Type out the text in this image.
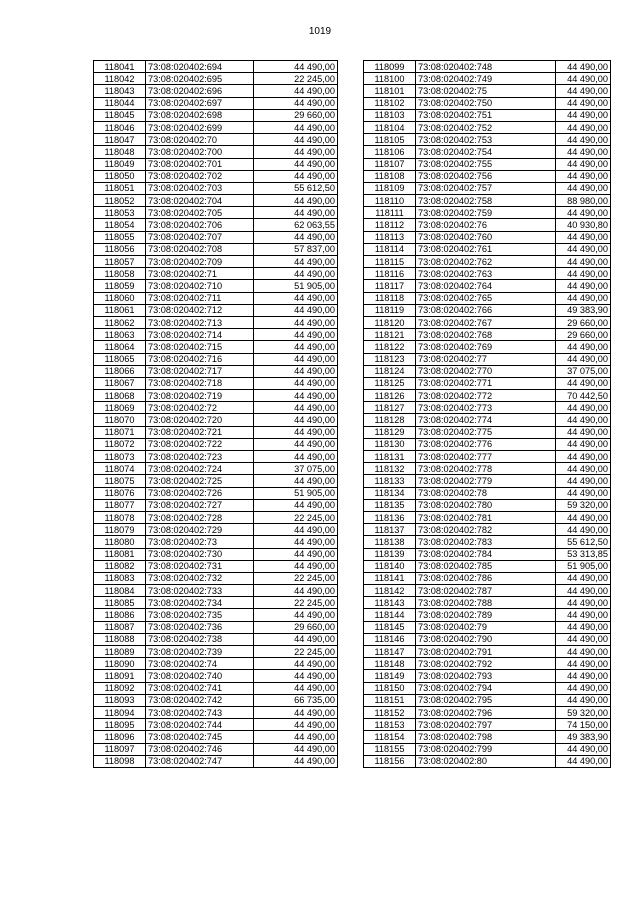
1019
118041	73:08:020402:694	44 490,00
118042	73:08:020402:695	22 245,00
118043	73:08:020402:696	44 490,00
118044	73:08:020402:697	44 490,00
118045	73:08:020402:698	29 660,00
118046	73:08:020402:699	44 490,00
118047	73:08:020402:70	44 490,00
118048	73:08:020402:700	44 490,00
118049	73:08:020402:701	44 490,00
118050	73:08:020402:702	44 490,00
118051	73:08:020402:703	55 612,50
118052	73:08:020402:704	44 490,00
118053	73:08:020402:705	44 490,00
118054	73:08:020402:706	62 063,55
118055	73:08:020402:707	44 490,00
118056	73:08:020402:708	57 837,00
118057	73:08:020402:709	44 490,00
118058	73:08:020402:71	44 490,00
118059	73:08:020402:710	51 905,00
118060	73:08:020402:711	44 490,00
118061	73:08:020402:712	44 490,00
118062	73:08:020402:713	44 490,00
118063	73:08:020402:714	44 490,00
118064	73:08:020402:715	44 490,00
118065	73:08:020402:716	44 490,00
118066	73:08:020402:717	44 490,00
118067	73:08:020402:718	44 490,00
118068	73:08:020402:719	44 490,00
118069	73:08:020402:72	44 490,00
118070	73:08:020402:720	44 490,00
118071	73:08:020402:721	44 490,00
118072	73:08:020402:722	44 490,00
118073	73:08:020402:723	44 490,00
118074	73:08:020402:724	37 075,00
118075	73:08:020402:725	44 490,00
118076	73:08:020402:726	51 905,00
118077	73:08:020402:727	44 490,00
118078	73:08:020402:728	22 245,00
118079	73:08:020402:729	44 490,00
118080	73:08:020402:73	44 490,00
118081	73:08:020402:730	44 490,00
118082	73:08:020402:731	44 490,00
118083	73:08:020402:732	22 245,00
118084	73:08:020402:733	44 490,00
118085	73:08:020402:734	22 245,00
118086	73:08:020402:735	44 490,00
118087	73:08:020402:736	29 660,00
118088	73:08:020402:738	44 490,00
118089	73:08:020402:739	22 245,00
118090	73:08:020402:74	44 490,00
118091	73:08:020402:740	44 490,00
118092	73:08:020402:741	44 490,00
118093	73:08:020402:742	66 735,00
118094	73:08:020402:743	44 490,00
118095	73:08:020402:744	44 490,00
118096	73:08:020402:745	44 490,00
118097	73:08:020402:746	44 490,00
118098	73:08:020402:747	44 490,00
118099	73:08:020402:748	44 490,00
118100	73:08:020402:749	44 490,00
118101	73:08:020402:75	44 490,00
118102	73:08:020402:750	44 490,00
118103	73:08:020402:751	44 490,00
118104	73:08:020402:752	44 490,00
118105	73:08:020402:753	44 490,00
118106	73:08:020402:754	44 490,00
118107	73:08:020402:755	44 490,00
118108	73:08:020402:756	44 490,00
118109	73:08:020402:757	44 490,00
118110	73:08:020402:758	88 980,00
118111	73:08:020402:759	44 490,00
118112	73:08:020402:76	40 930,80
118113	73:08:020402:760	44 490,00
118114	73:08:020402:761	44 490,00
118115	73:08:020402:762	44 490,00
118116	73:08:020402:763	44 490,00
118117	73:08:020402:764	44 490,00
118118	73:08:020402:765	44 490,00
118119	73:08:020402:766	49 383,90
118120	73:08:020402:767	29 660,00
118121	73:08:020402:768	29 660,00
118122	73:08:020402:769	44 490,00
118123	73:08:020402:77	44 490,00
118124	73:08:020402:770	37 075,00
118125	73:08:020402:771	44 490,00
118126	73:08:020402:772	70 442,50
118127	73:08:020402:773	44 490,00
118128	73:08:020402:774	44 490,00
118129	73:08:020402:775	44 490,00
118130	73:08:020402:776	44 490,00
118131	73:08:020402:777	44 490,00
118132	73:08:020402:778	44 490,00
118133	73:08:020402:779	44 490,00
118134	73:08:020402:78	44 490,00
118135	73:08:020402:780	59 320,00
118136	73:08:020402:781	44 490,00
118137	73:08:020402:782	44 490,00
118138	73:08:020402:783	55 612,50
118139	73:08:020402:784	53 313,85
118140	73:08:020402:785	51 905,00
118141	73:08:020402:786	44 490,00
118142	73:08:020402:787	44 490,00
118143	73:08:020402:788	44 490,00
118144	73:08:020402:789	44 490,00
118145	73:08:020402:79	44 490,00
118146	73:08:020402:790	44 490,00
118147	73:08:020402:791	44 490,00
118148	73:08:020402:792	44 490,00
118149	73:08:020402:793	44 490,00
118150	73:08:020402:794	44 490,00
118151	73:08:020402:795	44 490,00
118152	73:08:020402:796	59 320,00
118153	73:08:020402:797	74 150,00
118154	73:08:020402:798	49 383,90
118155	73:08:020402:799	44 490,00
118156	73:08:020402:80	44 490,00
